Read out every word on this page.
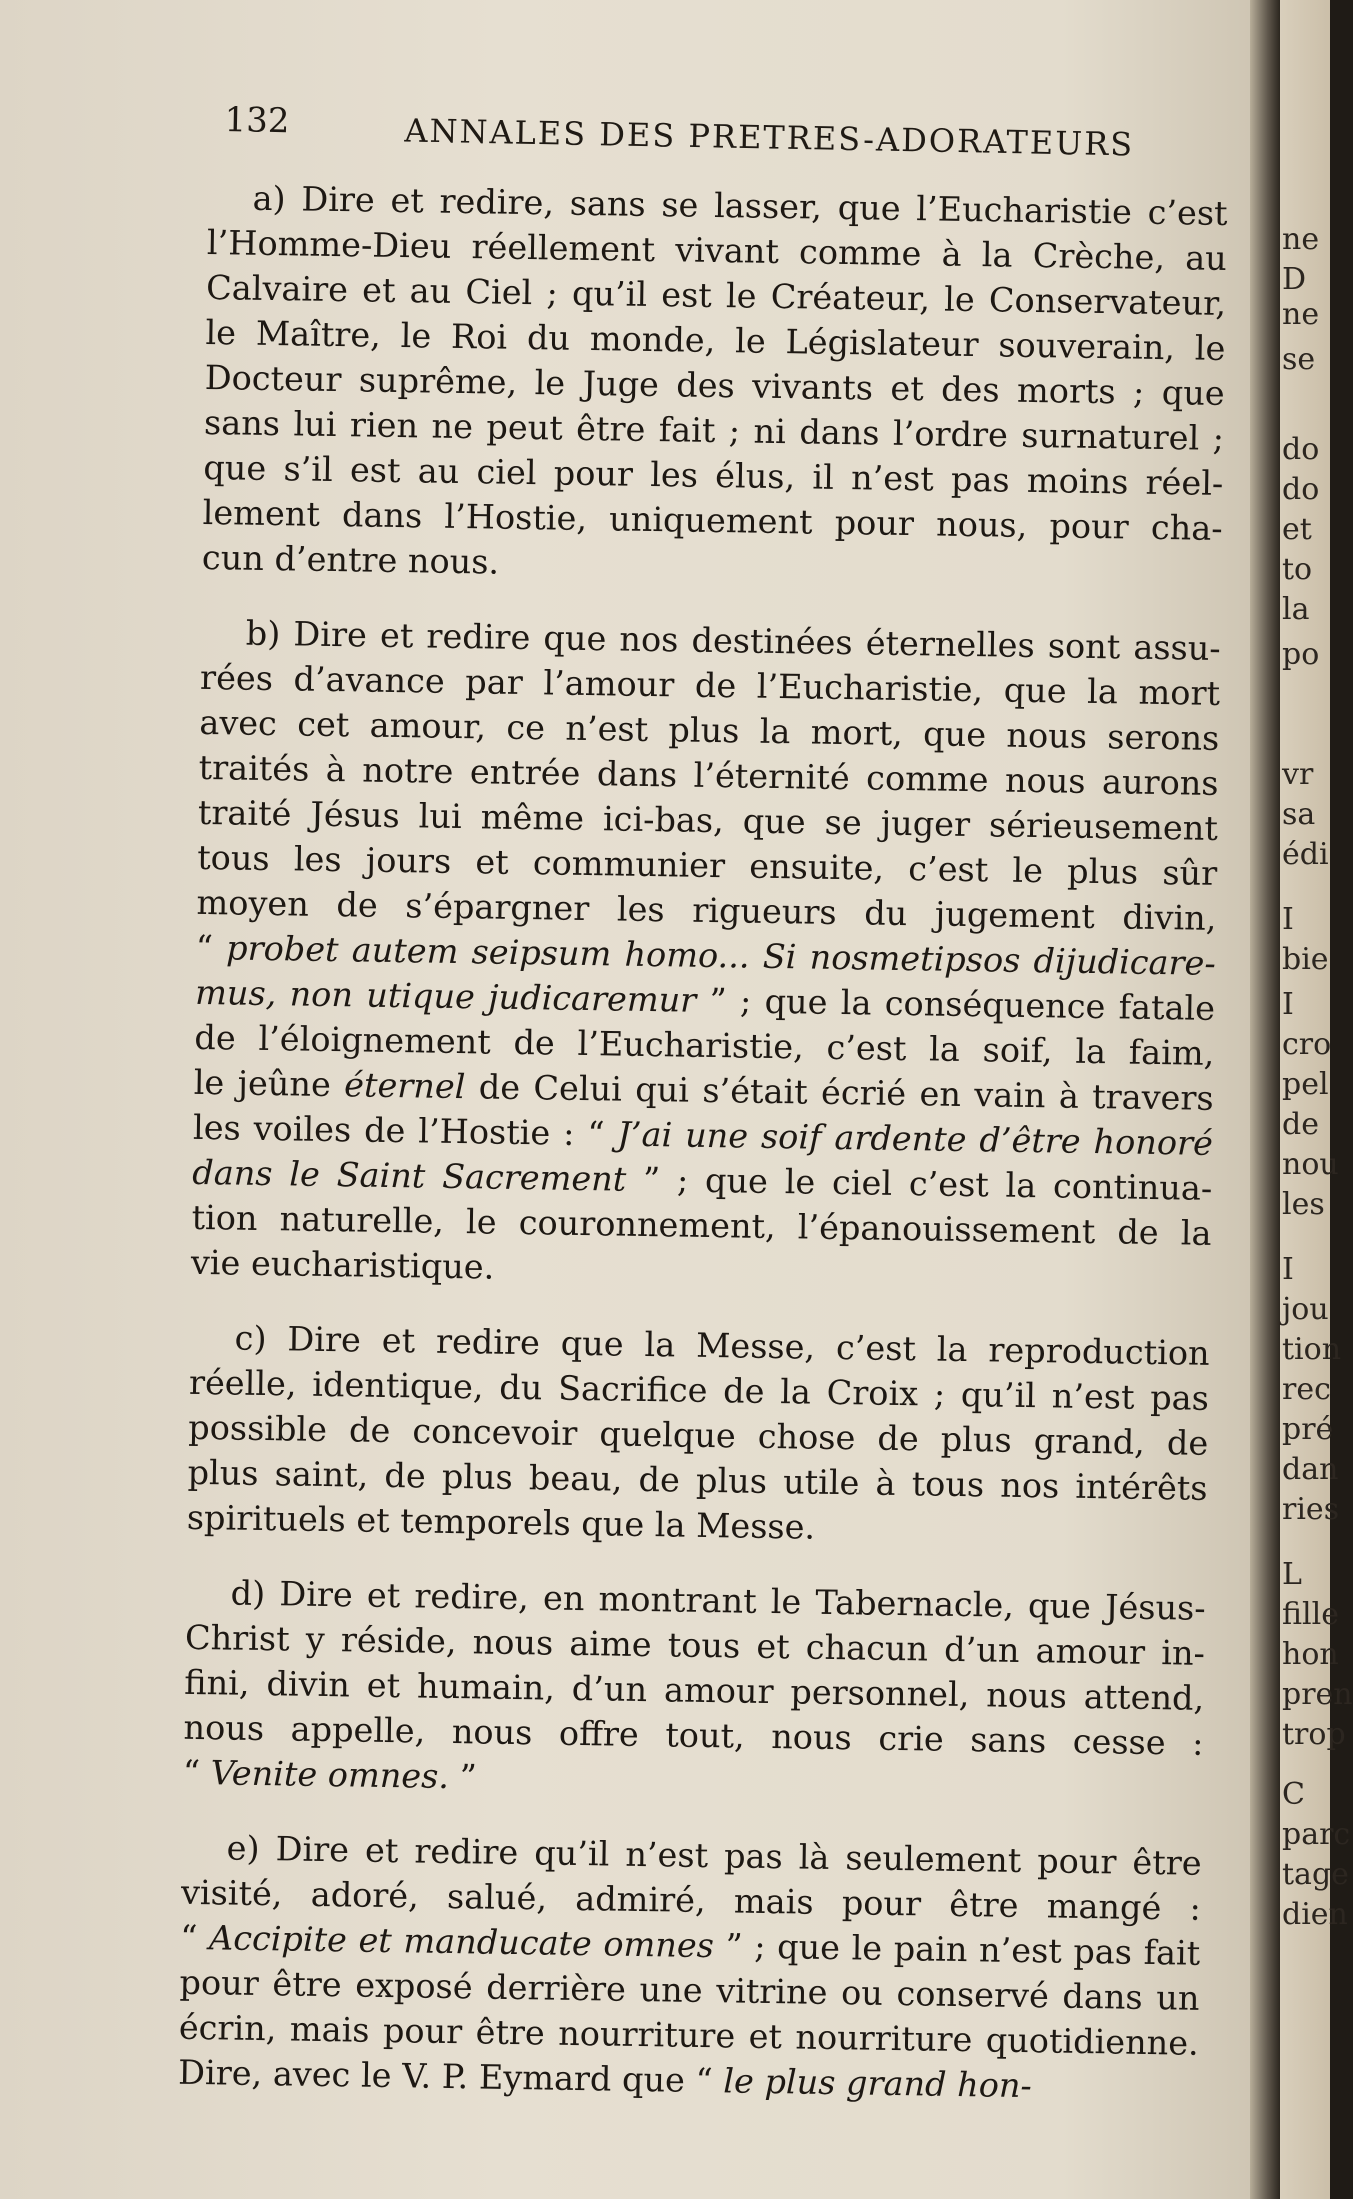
132	ANNALES DES PRETRES-ADORATEURS
a) Dire et redire, sans se lasser, que l’Eucharistie c’est
l’Homme-Dieu réellement vivant comme à la Crèche, au
Calvaire et au Ciel ; qu’il est le Créateur, le Conservateur,
le Maître, le Roi du monde, le Législateur souverain, le
Docteur suprême, le Juge des vivants et des morts ; que
sans lui rien ne peut être fait ; ni dans l’ordre surnaturel ;
que s’il est au ciel pour les élus, il n’est pas moins réel-
lement dans l’Hostie, uniquement pour nous, pour cha-
cun d’entre nous.
b) Dire et redire que nos destinées éternelles sont assu-
rées d’avance par l’amour de l’Eucharistie, que la mort
avec cet amour, ce n’est plus la mort, que nous serons
traités à notre entrée dans l’éternité comme nous aurons
traité Jésus lui même ici-bas, que se juger sérieusement
tous les jours et communier ensuite, c’est le plus sûr
moyen de s’épargner les rigueurs du jugement divin,
“ probet autem seipsum homo... Si nosmetipsos dijudicare-
mus, non utique judicaremur ” ; que la conséquence fatale
de l’éloignement de l’Eucharistie, c’est la soif, la faim,
le jeûne éternel de Celui qui s’était écrié en vain à travers
les voiles de l’Hostie : “ J’ai une soif ardente d’être honoré
dans le Saint Sacrement ” ; que le ciel c’est la continua-
tion naturelle, le couronnement, l’épanouissement de la
vie eucharistique.
c) Dire et redire que la Messe, c’est la reproduction
réelle, identique, du Sacrifice de la Croix ; qu’il n’est pas
possible de concevoir quelque chose de plus grand, de
plus saint, de plus beau, de plus utile à tous nos intérêts
spirituels et temporels que la Messe.
d) Dire et redire, en montrant le Tabernacle, que Jésus-
Christ y réside, nous aime tous et chacun d’un amour in-
fini, divin et humain, d’un amour personnel, nous attend,
nous appelle, nous offre tout, nous crie sans cesse :
“ Venite omnes. ”
e) Dire et redire qu’il n’est pas là seulement pour être
visité, adoré, salué, admiré, mais pour être mangé :
“ Accipite et manducate omnes ” ; que le pain n’est pas fait
pour être exposé derrière une vitrine ou conservé dans un
écrin, mais pour être nourriture et nourriture quotidienne.
Dire, avec le V. P. Eymard que “ le plus grand hon-
ne
D
ne
se
do
do
et
to
la
po
vr
sa
édi
I
bie
I
cro
pel
de
nou
les
I
jou
tion
rec
pré
dan
ries
L
fille
hon
pren
trop
C
parc
tage
dien
